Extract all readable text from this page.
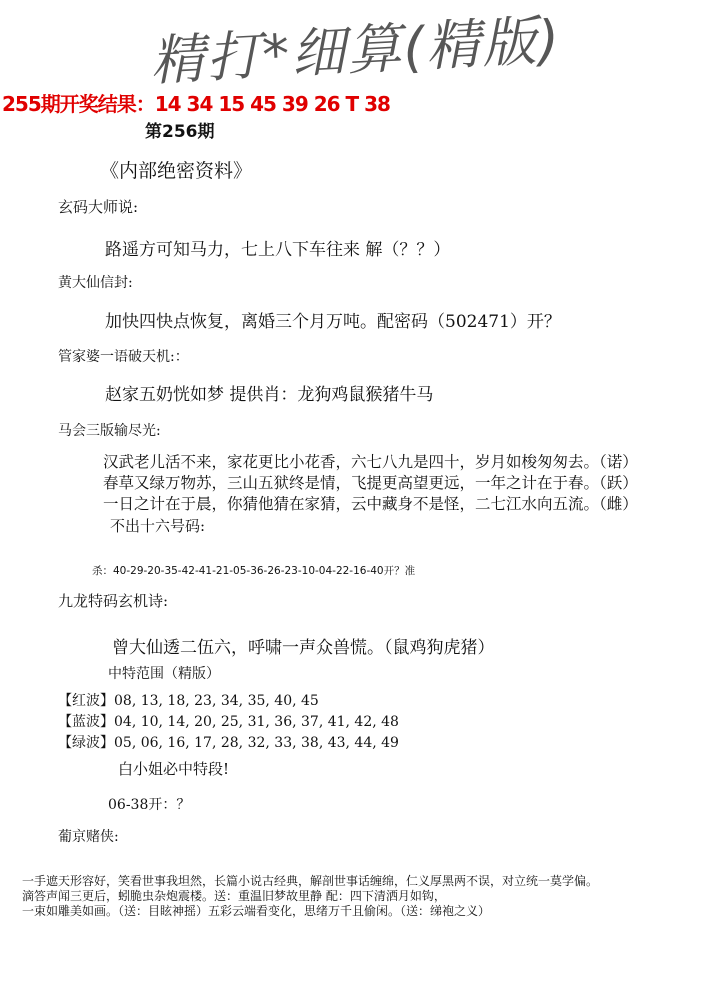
精打*细算(精版)
255期开奖结果：14 34 15 45 39 26 T 38
第256期
《内部绝密资料》
玄码大师说:
路遥方可知马力，七上八下车往来 解（？？）
黄大仙信封:
加快四快点恢复，离婚三个月万吨。配密码（502471）开？
管家婆一语破天机:：
赵家五奶恍如梦 提供肖：龙狗鸡鼠猴猪牛马
马会三版输尽光:
汉武老儿活不来，家花更比小花香，六七八九是四十，岁月如梭匆匆去。（诺）
春草又绿万物苏，三山五狱终是情，飞提更高望更远，一年之计在于春。（跃）
一日之计在于晨，你猜他猜在家猜，云中藏身不是怪，二七江水向五流。（雌）
不出十六号码:
杀：40-29-20-35-42-41-21-05-36-26-23-10-04-22-16-40开？准
九龙特码玄机诗:
曾大仙透二伍六，呼啸一声众兽慌。（鼠鸡狗虎猪）
中特范围（精版）
【红波】08, 13, 18, 23, 34, 35, 40, 45
【蓝波】04, 10, 14, 20, 25, 31, 36, 37, 41, 42, 48
【绿波】05, 06, 16, 17, 28, 32, 33, 38, 43, 44, 49
白小姐必中特段!
06-38开：？
葡京赌侠:
一手遮天形容好，笑看世事我坦然，长篇小说古经典，解剖世事话缠绵，仁义厚黑两不误，对立统一莫学偏。
滴答声闻三更后，蚓脆虫杂炮震楼。送：重温旧梦故里静 配：四下清洒月如钩，
一束如雕美如画。（送：目眩神摇）五彩云端看变化，思绪万千且偷闲。（送：绨袍之义）
